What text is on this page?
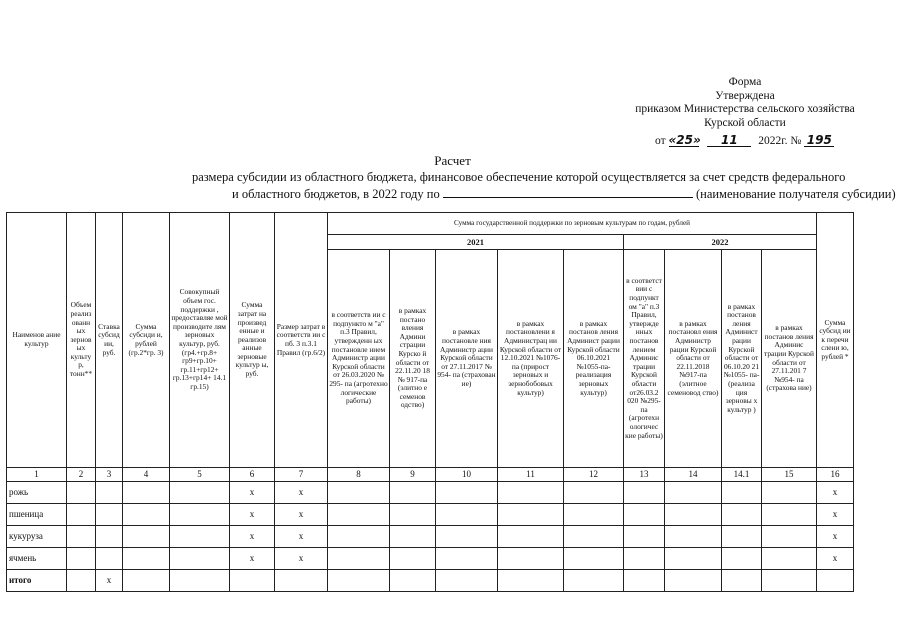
Форма
Утверждена
приказом Министерства сельского хозяйства
Курской области
от «25» 11 2022г. № 195
Расчет
размера субсидии из областного бюджета, финансовое обеспечение которой осуществляется за счет средств федерального
и областного бюджетов, в 2022 году по	(наименование получателя субсидии)
Наименов ание культур	Объем реализ ованн ых зернов ых культу р, тонн**	Ставка субсид ии, руб.	Сумма субсиди и, рублей (гр.2*гр. 3)	Совокупный объем гос. поддержки , предоставляе мой производите лям зерновых культур, руб. (гр4.+гр.8+ гр9+гр.10+ гр.11+гр12+ гр.13+гр14+ 14.1 гр.15)	Сумма затрат на произвед енные и реализов анные зерновые культур ы, руб.	Размер затрат в соответств ии с пб. 3 п.3.1 Правил (гр.6/2)	Сумма государственной поддержки по зерновым культурам по годам, рублей									Сумма субсид ии к перечи слени ю, рублей *
							2021					2022				
							в соответств ии с подпункто м "а" п.3 Правил, утвержденн ых постановле нием Администр ации Курской области от 26.03.2020 № 295- па (агротехно логические работы)	в рамках постано вления Админи страции Курско й области от 22.11.20 18 № 917-па (элитно е семенов одство)	в рамках постановле ния Администр ации Курской области от 27.11.2017 № 954- па (страхован ие)	в рамках постановлени я Администрац ии Курской области от 12.10.2021 №1076- па (прирост зерновых и зернобобовых культур)	в рамках постанов ления Админист рации Курской области 06.10.2021 №1055-па- реализация зерновых культур)	в соответст вии с подпункт ом "а" п.3 Правил, утвержде нных постанов лением Админис трации Курской области от26.03.2 020 №295- па (агротехн ологичес кие работы)	в рамках постановл ения Администр рации Курской области от 22.11.2018 №917-па (элитное семеновод ство)	в рамках постанов ления Админист рации Курской области от 06.10.20 21 №1055- па- (реализа ция зерновы х культур )	в рамках постанов ления Админис трации Курской области от 27.11.201 7 №954- па (страхова ние)	
1	2	3	4	5	6	7	8	9	10	11	12	13	14	14.1	15	16
рожь					x	x										x
пшеница					x	x										x
кукуруза					x	x										x
ячмень					x	x										x
итого		x														
